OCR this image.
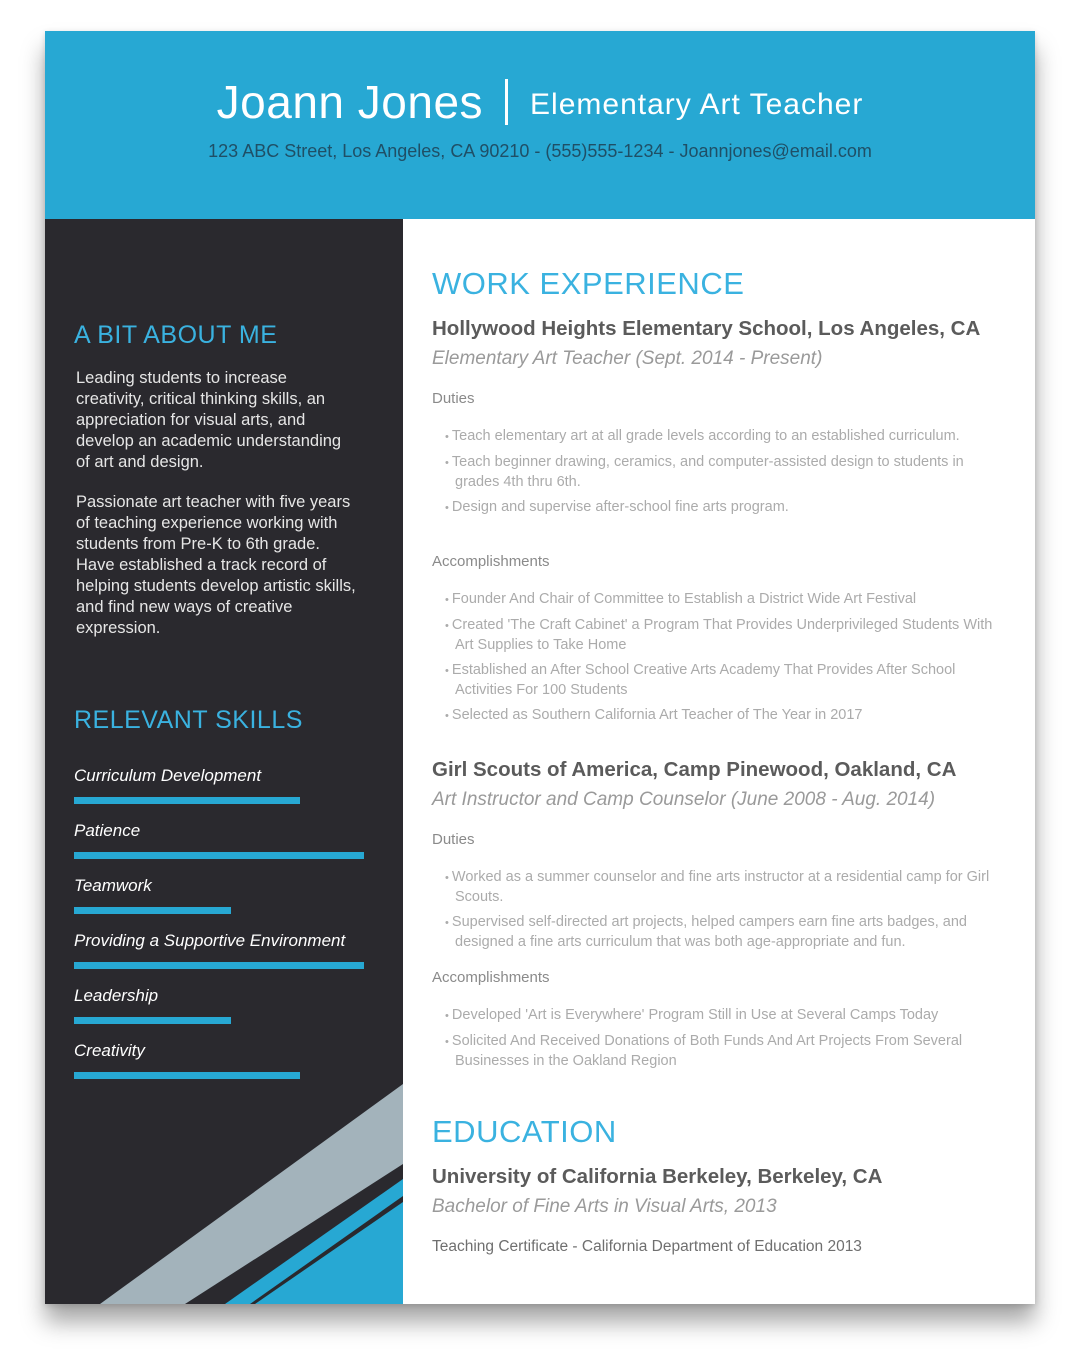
Joann Jones Elementary Art Teacher
123 ABC Street, Los Angeles, CA 90210 - (555)555-1234 - Joannjones@email.com
A BIT ABOUT ME

Leading students to increase creativity, critical thinking skills, an appreciation for visual arts, and develop an academic understanding of art and design.

Passionate art teacher with five years of teaching experience working with students from Pre-K to 6th grade. Have established a track record of helping students develop artistic skills, and find new ways of creative expression.

RELEVANT SKILLS
Curriculum Development
Patience
Teamwork
Providing a Supportive Environment
Leadership
Creativity
WORK EXPERIENCE
Hollywood Heights Elementary School, Los Angeles, CA
Elementary Art Teacher (Sept. 2014 - Present)
Duties
• Teach elementary art at all grade levels according to an established curriculum.
• Teach beginner drawing, ceramics, and computer-assisted design to students in grades 4th thru 6th.
• Design and supervise after-school fine arts program.
Accomplishments
• Founder And Chair of Committee to Establish a District Wide Art Festival
• Created 'The Craft Cabinet' a Program That Provides Underprivileged Students With Art Supplies to Take Home
• Established an After School Creative Arts Academy That Provides After School Activities For 100 Students
• Selected as Southern California Art Teacher of The Year in 2017
Girl Scouts of America, Camp Pinewood, Oakland, CA
Art Instructor and Camp Counselor (June 2008 - Aug. 2014)
Duties
• Worked as a summer counselor and fine arts instructor at a residential camp for Girl Scouts.
• Supervised self-directed art projects, helped campers earn fine arts badges, and designed a fine arts curriculum that was both age-appropriate and fun.
Accomplishments
• Developed 'Art is Everywhere' Program Still in Use at Several Camps Today
• Solicited And Received Donations of Both Funds And Art Projects From Several Businesses in the Oakland Region
EDUCATION
University of California Berkeley, Berkeley, CA
Bachelor of Fine Arts in Visual Arts, 2013
Teaching Certificate - California Department of Education 2013
